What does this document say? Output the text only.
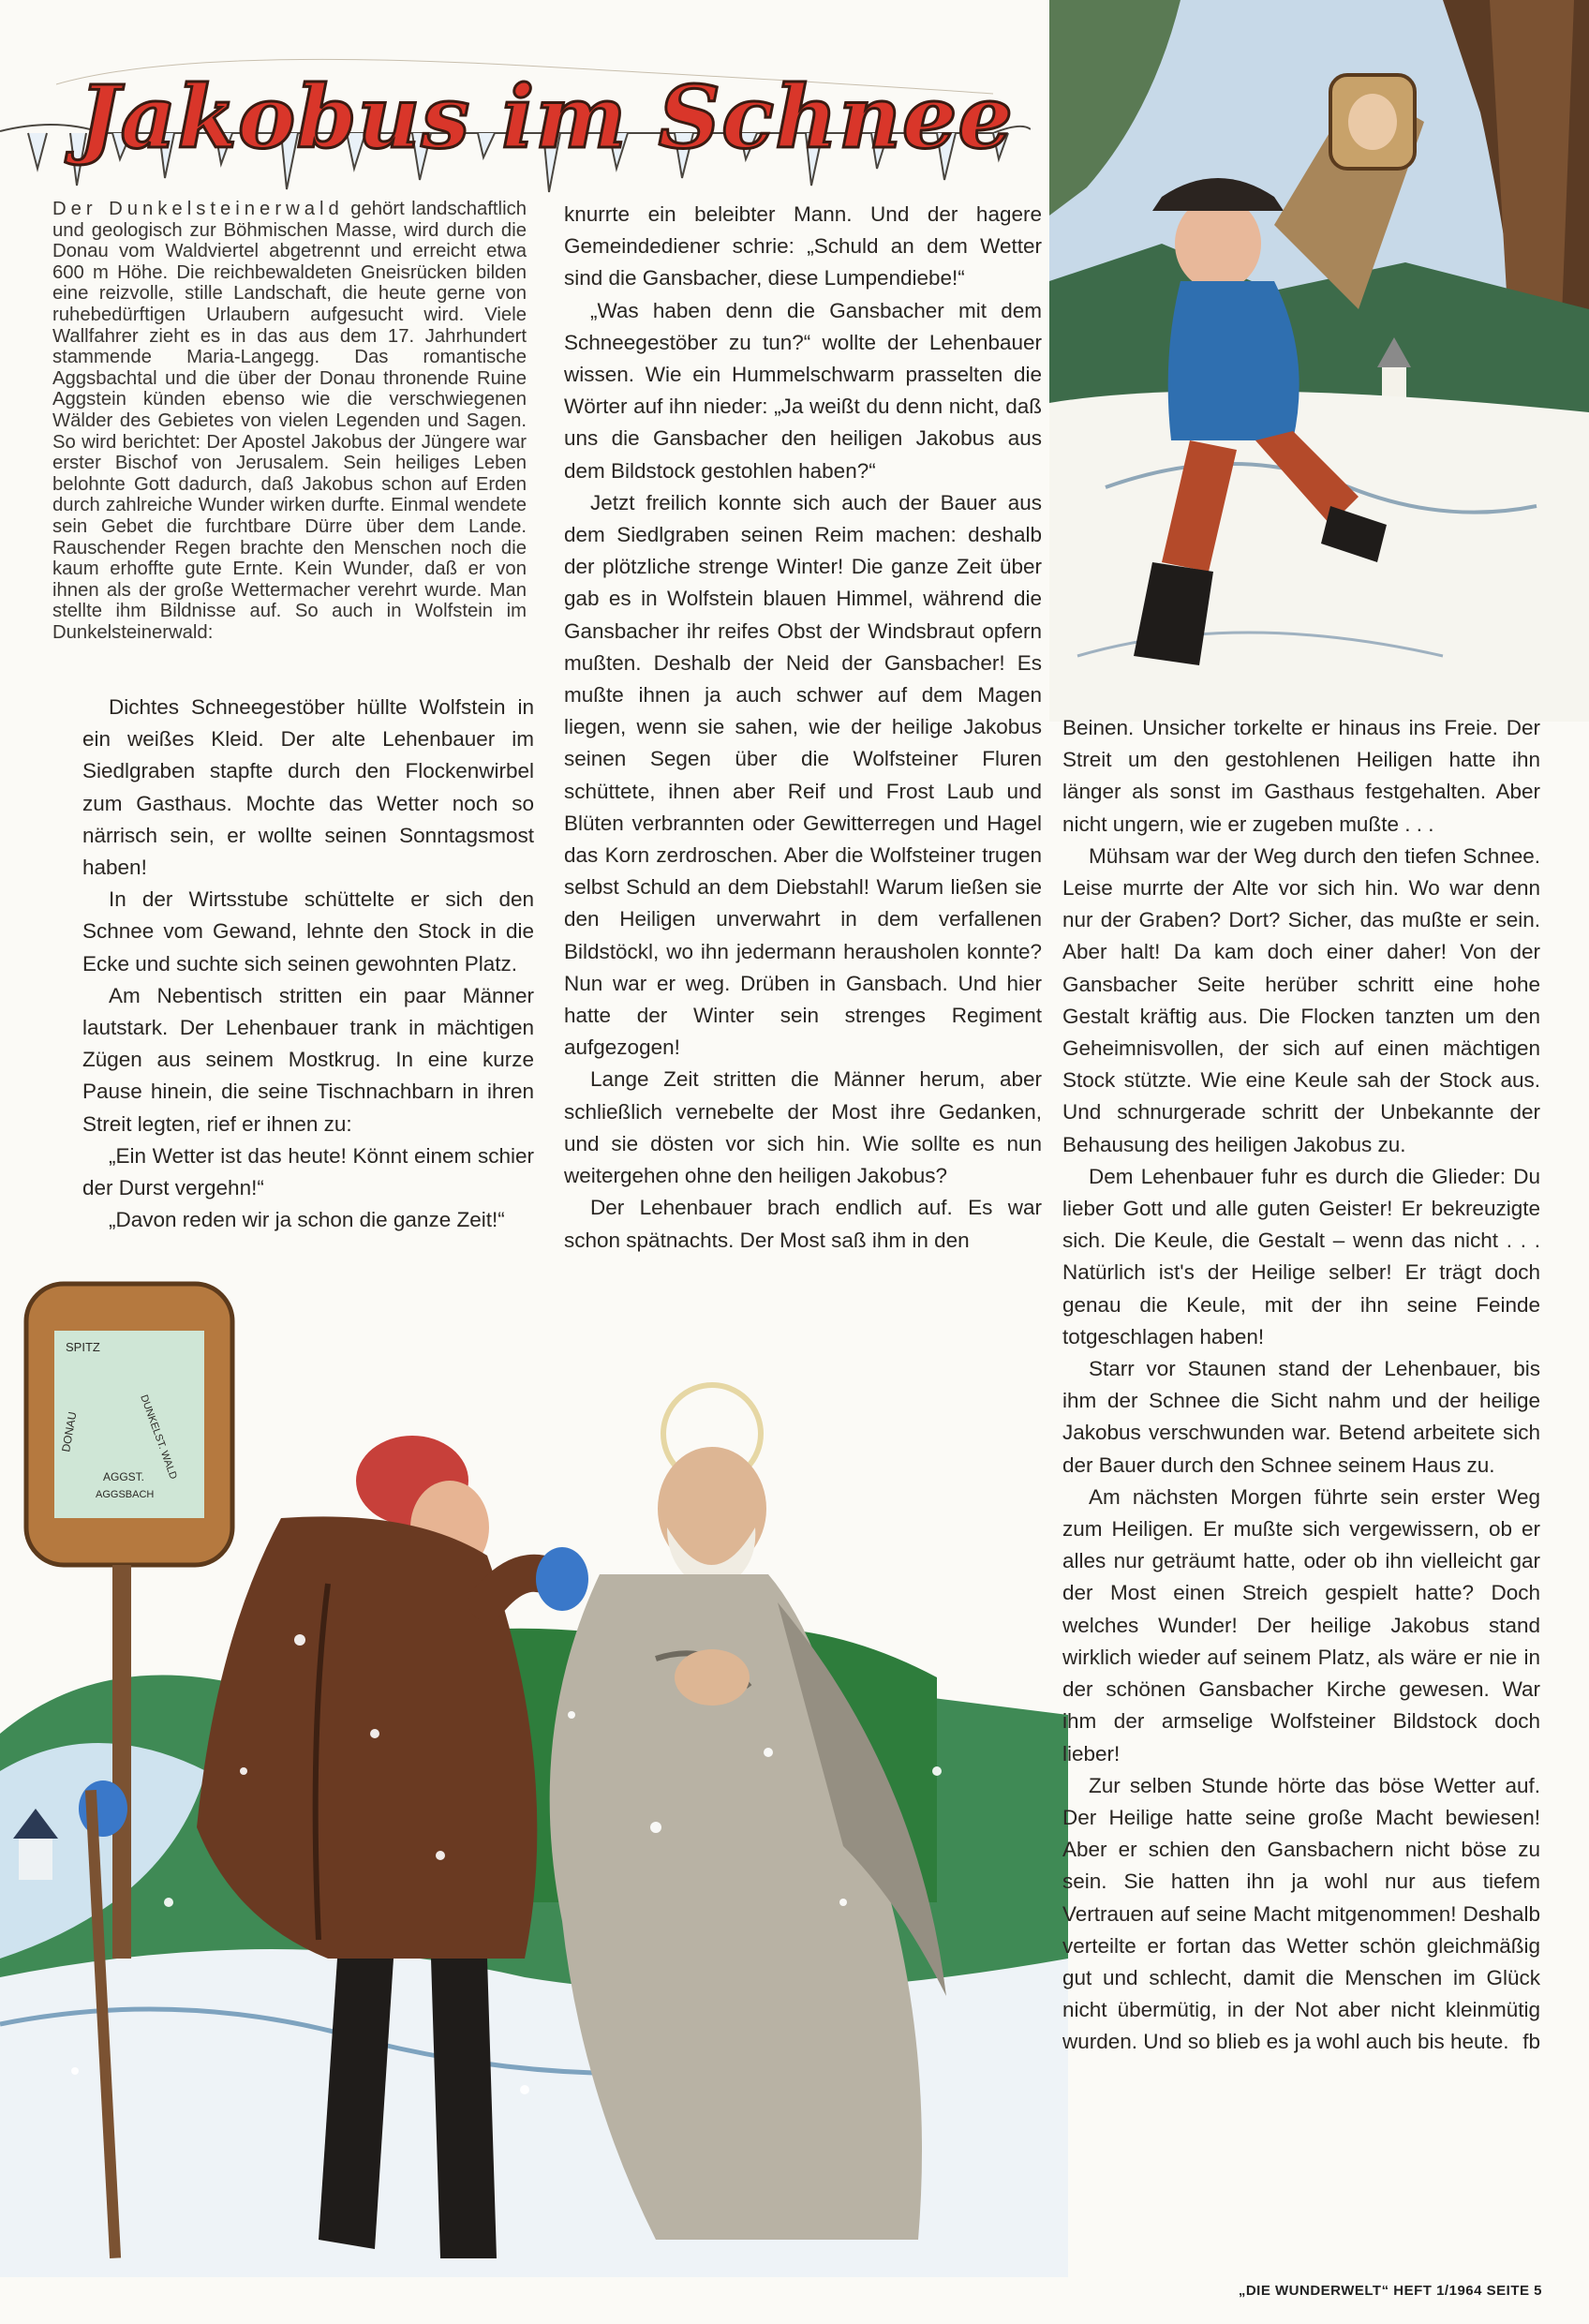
Jakobus im Schnee
SPITZ
DONAU	DUNKELST. WALD
AGGST.
AGGSBACH
Der Dunkelsteinerwald gehört landschaftlich und geologisch zur Böhmischen Masse, wird durch die Donau vom Waldviertel abgetrennt und erreicht etwa 600 m Höhe. Die reichbewaldeten Gneisrücken bilden eine reizvolle, stille Landschaft, die heute gerne von ruhebedürftigen Urlaubern aufgesucht wird. Viele Wallfahrer zieht es in das aus dem 17. Jahrhundert stammende Maria-Langegg. Das romantische Aggsbachtal und die über der Donau thronende Ruine Aggstein künden ebenso wie die verschwiegenen Wälder des Gebietes von vielen Legenden und Sagen. So wird berichtet: Der Apostel Jakobus der Jüngere war erster Bischof von Jerusalem. Sein heiliges Leben belohnte Gott dadurch, daß Jakobus schon auf Erden durch zahlreiche Wunder wirken durfte. Einmal wendete sein Gebet die furchtbare Dürre über dem Lande. Rauschender Regen brachte den Menschen noch die kaum erhoffte gute Ernte. Kein Wunder, daß er von ihnen als der große Wettermacher verehrt wurde. Man stellte ihm Bildnisse auf. So auch in Wolfstein im Dunkelsteinerwald:

Dichtes Schneegestöber hüllte Wolfstein in ein weißes Kleid. Der alte Lehenbauer im Siedlgraben stapfte durch den Flockenwirbel zum Gasthaus. Mochte das Wetter noch so närrisch sein, er wollte seinen Sonntagsmost haben!

In der Wirtsstube schüttelte er sich den Schnee vom Gewand, lehnte den Stock in die Ecke und suchte sich seinen gewohnten Platz.

Am Nebentisch stritten ein paar Männer lautstark. Der Lehenbauer trank in mächtigen Zügen aus seinem Mostkrug. In eine kurze Pause hinein, die seine Tischnachbarn in ihren Streit legten, rief er ihnen zu:

„Ein Wetter ist das heute! Könnt einem schier der Durst vergehn!“

„Davon reden wir ja schon die ganze Zeit!“

knurrte ein beleibter Mann. Und der hagere Gemeindediener schrie: „Schuld an dem Wetter sind die Gansbacher, diese Lumpendiebe!“

„Was haben denn die Gansbacher mit dem Schneegestöber zu tun?“ wollte der Lehenbauer wissen. Wie ein Hummelschwarm prasselten die Wörter auf ihn nieder: „Ja weißt du denn nicht, daß uns die Gansbacher den heiligen Jakobus aus dem Bildstock gestohlen haben?“

Jetzt freilich konnte sich auch der Bauer aus dem Siedlgraben seinen Reim machen: deshalb der plötzliche strenge Winter! Die ganze Zeit über gab es in Wolfstein blauen Himmel, während die Gansbacher ihr reifes Obst der Windsbraut opfern mußten. Deshalb der Neid der Gansbacher! Es mußte ihnen ja auch schwer auf dem Magen liegen, wenn sie sahen, wie der heilige Jakobus seinen Segen über die Wolfsteiner Fluren schüttete, ihnen aber Reif und Frost Laub und Blüten verbrannten oder Gewitterregen und Hagel das Korn zerdroschen. Aber die Wolfsteiner trugen selbst Schuld an dem Diebstahl! Warum ließen sie den Heiligen unverwahrt in dem verfallenen Bildstöckl, wo ihn jedermann herausholen konnte? Nun war er weg. Drüben in Gansbach. Und hier hatte der Winter sein strenges Regiment aufgezogen!

Lange Zeit stritten die Männer herum, aber schließlich vernebelte der Most ihre Gedanken, und sie dösten vor sich hin. Wie sollte es nun weitergehen ohne den heiligen Jakobus?

Der Lehenbauer brach endlich auf. Es war schon spätnachts. Der Most saß ihm in den

Beinen. Unsicher torkelte er hinaus ins Freie. Der Streit um den gestohlenen Heiligen hatte ihn länger als sonst im Gasthaus festgehalten. Aber nicht ungern, wie er zugeben mußte . . .

Mühsam war der Weg durch den tiefen Schnee. Leise murrte der Alte vor sich hin. Wo war denn nur der Graben? Dort? Sicher, das mußte er sein. Aber halt! Da kam doch einer daher! Von der Gansbacher Seite herüber schritt eine hohe Gestalt kräftig aus. Die Flocken tanzten um den Geheimnisvollen, der sich auf einen mächtigen Stock stützte. Wie eine Keule sah der Stock aus. Und schnurgerade schritt der Unbekannte der Behausung des heiligen Jakobus zu.

Dem Lehenbauer fuhr es durch die Glieder: Du lieber Gott und alle guten Geister! Er bekreuzigte sich. Die Keule, die Gestalt – wenn das nicht . . . Natürlich ist's der Heilige selber! Er trägt doch genau die Keule, mit der ihn seine Feinde totgeschlagen haben!

Starr vor Staunen stand der Lehenbauer, bis ihm der Schnee die Sicht nahm und der heilige Jakobus verschwunden war. Betend arbeitete sich der Bauer durch den Schnee seinem Haus zu.

Am nächsten Morgen führte sein erster Weg zum Heiligen. Er mußte sich vergewissern, ob er alles nur geträumt hatte, oder ob ihn vielleicht gar der Most einen Streich gespielt hatte? Doch welches Wunder! Der heilige Jakobus stand wirklich wieder auf seinem Platz, als wäre er nie in der schönen Gansbacher Kirche gewesen. War ihm der armselige Wolfsteiner Bildstock doch lieber!

Zur selben Stunde hörte das böse Wetter auf. Der Heilige hatte seine große Macht bewiesen! Aber er schien den Gansbachern nicht böse zu sein. Sie hatten ihn ja wohl nur aus tiefem Vertrauen auf seine Macht mitgenommen! Deshalb verteilte er fortan das Wetter schön gleichmäßig gut und schlecht, damit die Menschen im Glück nicht übermütig, in der Not aber nicht kleinmütig wurden. Und so blieb es ja wohl auch bis heute. fb

„DIE WUNDERWELT“ HEFT 1/1964 SEITE 5
